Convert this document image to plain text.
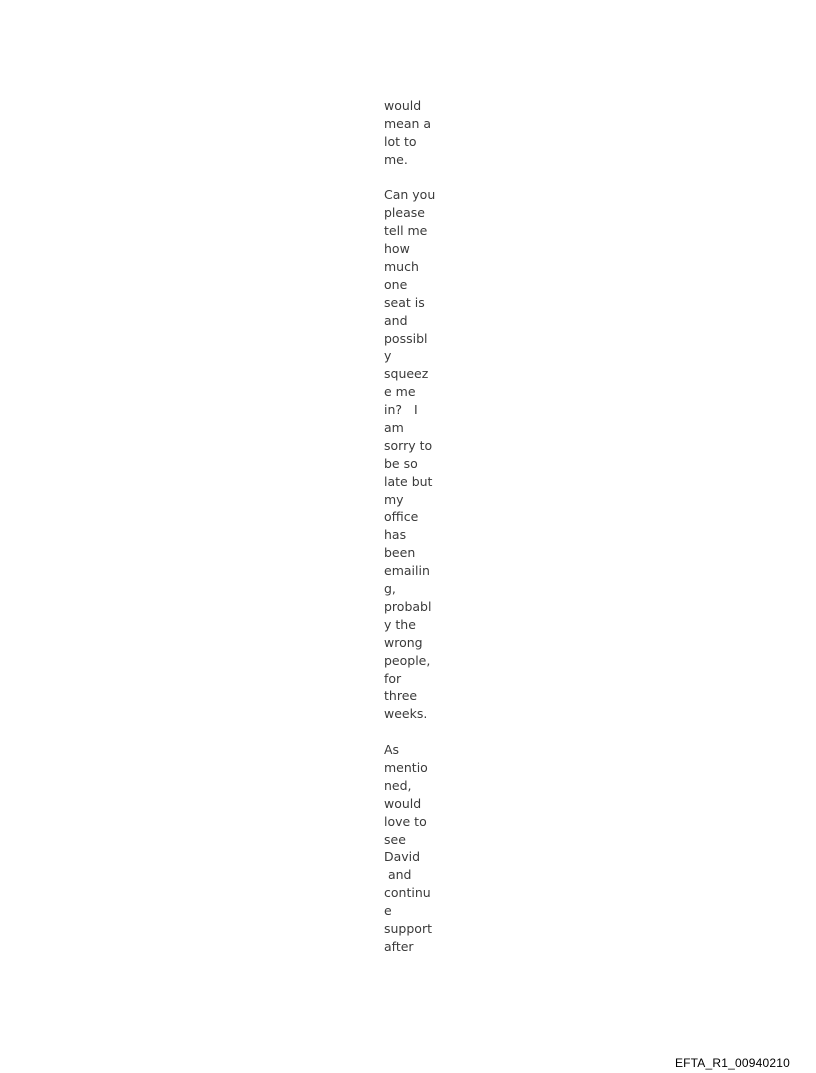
would
mean a
lot to
me.
Can you
please
tell me
how
much
one
seat is
and
possibl
y
squeez
e me
in?   I
am
sorry to
be so
late but
my
office
has
been
emailin
g,
probabl
y the
wrong
people,
for
three
weeks.
As
mentio
ned,
would
love to
see
David
and
continu
e
support
after
EFTA_R1_00940210
